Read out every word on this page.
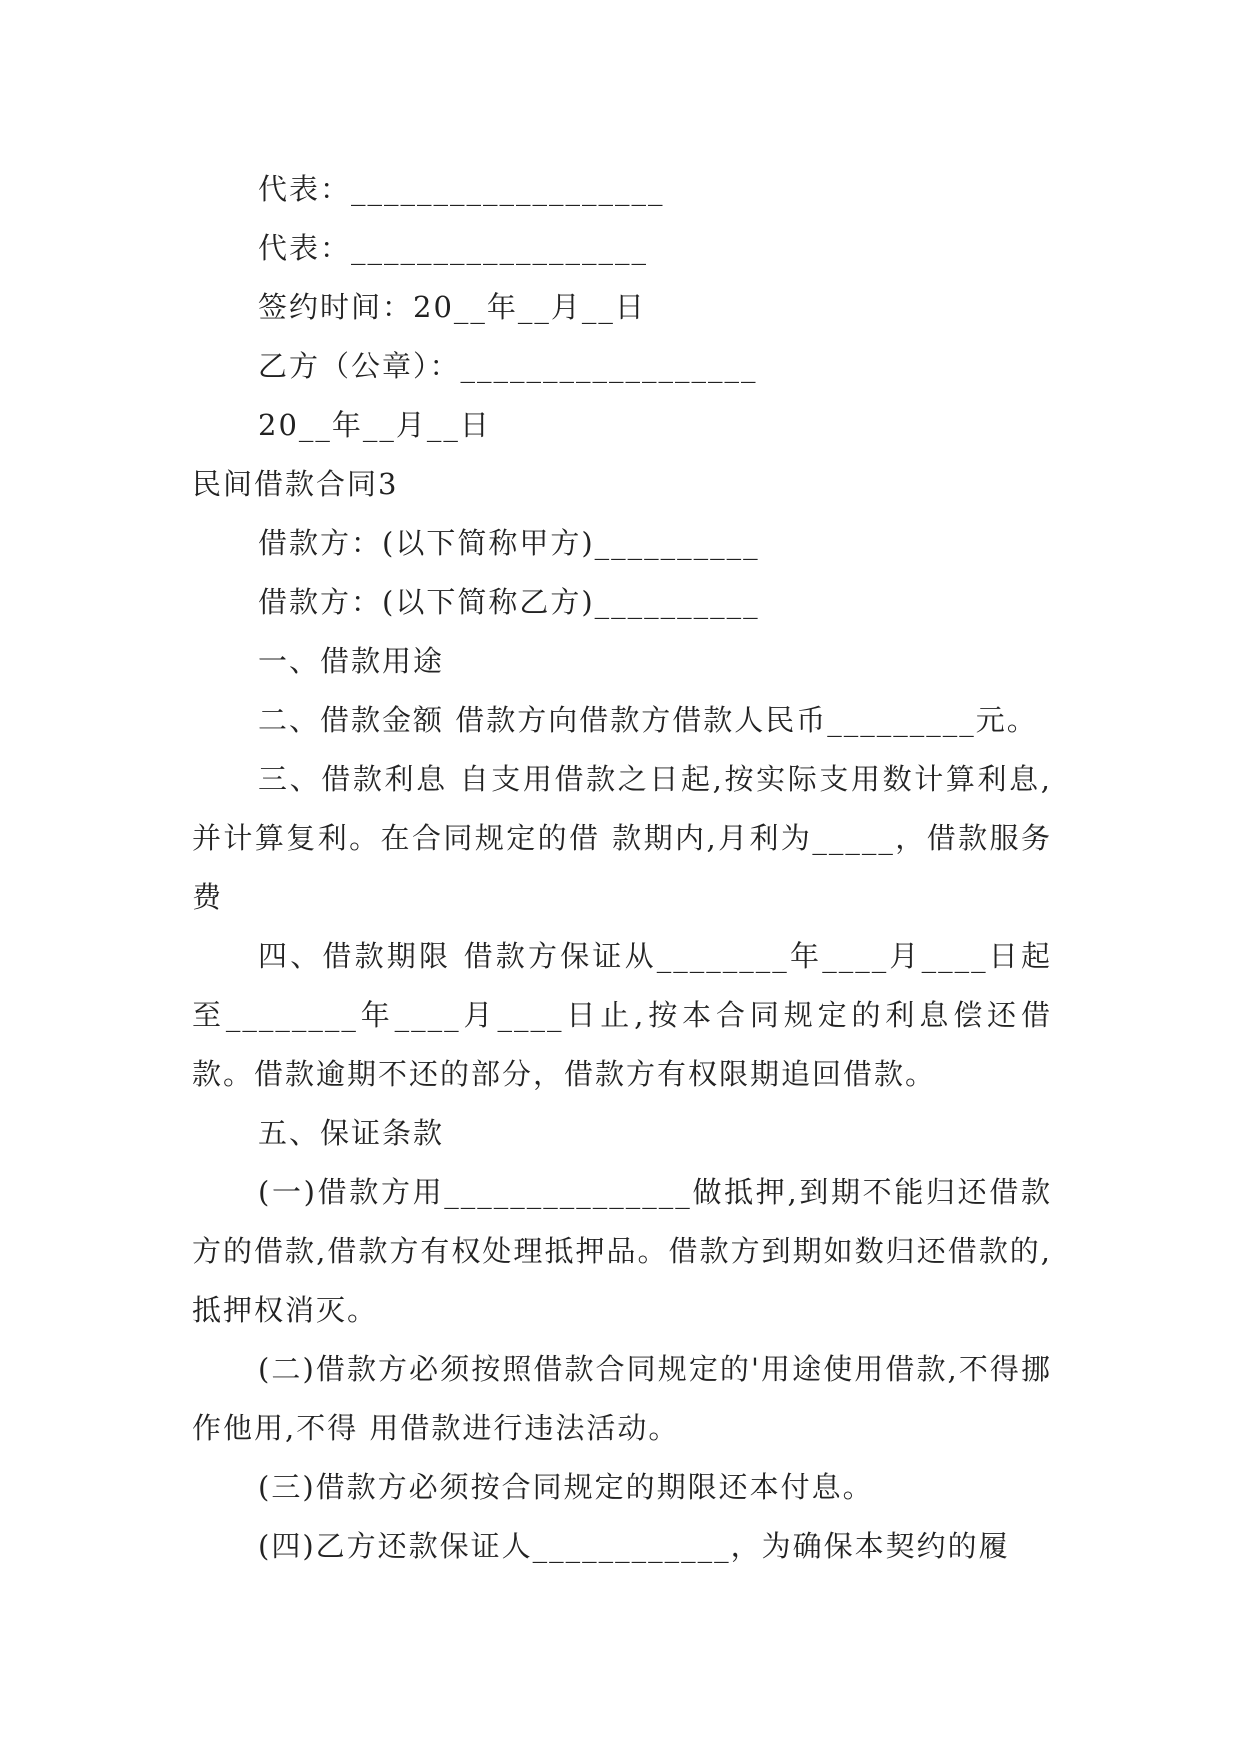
代表：___________________

代表：__________________

签约时间：20__年__月__日

乙方（公章）：__________________

20__年__月__日

民间借款合同3

借款方：(以下简称甲方)__________

借款方：(以下简称乙方)__________

一、借款用途

二、借款金额 借款方向借款方借款人民币_________元。

三、借款利息 自支用借款之日起,按实际支用数计算利息,并计算复利。在合同规定的借 款期内,月利为_____，借款服务费

四、借款期限 借款方保证从________年____月____日起至________年____月____日止,按本合同规定的利息偿还借款。借款逾期不还的部分，借款方有权限期追回借款。

五、保证条款

(一)借款方用_______________做抵押,到期不能归还借款方的借款,借款方有权处理抵押品。借款方到期如数归还借款的,抵押权消灭。

(二)借款方必须按照借款合同规定的'用途使用借款,不得挪作他用,不得 用借款进行违法活动。

(三)借款方必须按合同规定的期限还本付息。

(四)乙方还款保证人____________，为确保本契约的履
